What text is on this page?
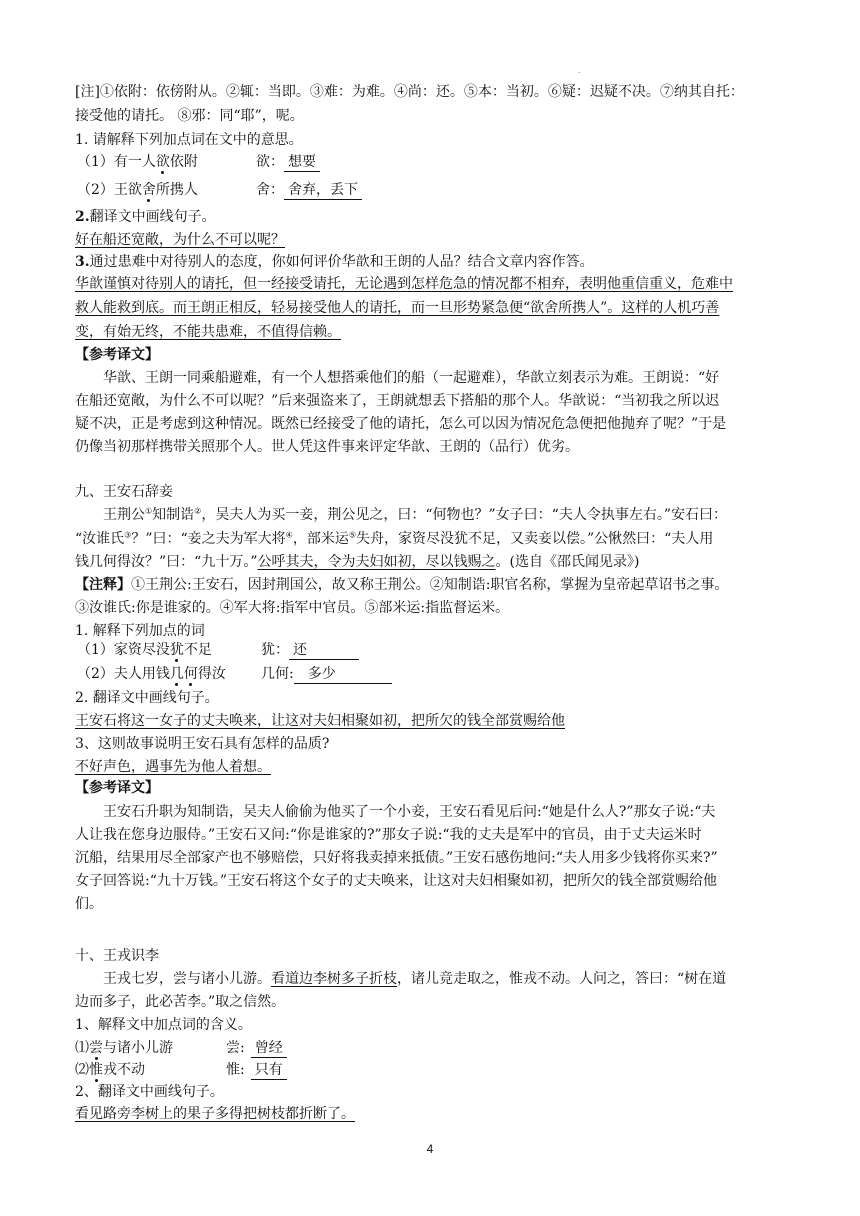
.
[注]①依附：依傍附从。②辄：当即。③难：为难。④尚：还。⑤本：当初。⑥疑：迟疑不决。⑦纳其自托：
接受他的请托。 ⑧邪：同“耶”，呢。
1. 请解释下列加点词在文中的意思。
（1）有一人欲依附	欲： 想要
（2）王欲舍所携人	舍： 舍弃，丢下
2.翻译文中画线句子。
好在船还宽敞，为什么不可以呢？
3.通过患难中对待别人的态度，你如何评价华歆和王朗的人品？结合文章内容作答。
华歆谨慎对待别人的请托，但一经接受请托，无论遇到怎样危急的情况都不相弃，表明他重信重义，危难中
救人能救到底。而王朗正相反，轻易接受他人的请托，而一旦形势紧急便“欲舍所携人”。这样的人机巧善
变，有始无终，不能共患难，不值得信赖。
【参考译文】
华歆、王朗一同乘船避难，有一个人想搭乘他们的船（一起避难），华歆立刻表示为难。王朗说：“好
在船还宽敞，为什么不可以呢？”后来强盗来了，王朗就想丢下搭船的那个人。华歆说：“当初我之所以迟
疑不决，正是考虑到这种情况。既然已经接受了他的请托，怎么可以因为情况危急便把他抛弃了呢？”于是
仍像当初那样携带关照那个人。世人凭这件事来评定华歆、王朗的（品行）优劣。
九、王安石辞妾
王荆公①知制诰②，吴夫人为买一妾，荆公见之，曰：“何物也？”女子曰：“夫人令执事左右。”安石曰：
“汝谁氏③？”曰：“妾之夫为军大将④，部米运⑤失舟，家资尽没犹不足，又卖妾以偿。”公愀然曰：“夫人用
钱几何得汝？”曰：“九十万。”公呼其夫，令为夫妇如初，尽以钱赐之。(选自《邵氏闻见录》)
【注释】①王荆公:王安石，因封荆国公，故又称王荆公。②知制诰:职官名称，掌握为皇帝起草诏书之事。
③汝谁氏:你是谁家的。④军大将:指军中官员。⑤部米运:指监督运米。
1. 解释下列加点的词
（1）家资尽没犹不足	犹： 还
（2）夫人用钱几何得汝	几何: 多少
2. 翻译文中画线句子。
王安石将这一女子的丈夫唤来，让这对夫妇相聚如初，把所欠的钱全部赏赐给他
3、这则故事说明王安石具有怎样的品质?
不好声色，遇事先为他人着想。
【参考译文】
王安石升职为知制诰，吴夫人偷偷为他买了一个小妾，王安石看见后问:“她是什么人?”那女子说:“夫
人让我在您身边服侍。”王安石又问:“你是谁家的?”那女子说:“我的丈夫是军中的官员，由于丈夫运米时
沉船，结果用尽全部家产也不够赔偿，只好将我卖掉来抵债。”王安石感伤地问:“夫人用多少钱将你买来?”
女子回答说:“九十万钱。”王安石将这个女子的丈夫唤来，让这对夫妇相聚如初，把所欠的钱全部赏赐给他
们。
十、王戎识李
王戎七岁，尝与诸小儿游。看道边李树多子折枝，诸儿竞走取之，惟戎不动。人问之，答曰：“树在道
边而多子，此必苦李。”取之信然。
1、解释文中加点词的含义。
⑴尝与诸小儿游	尝: 曾经
⑵惟戎不动	惟: 只有
2、翻译文中画线句子。
看见路旁李树上的果子多得把树枝都折断了。
4
